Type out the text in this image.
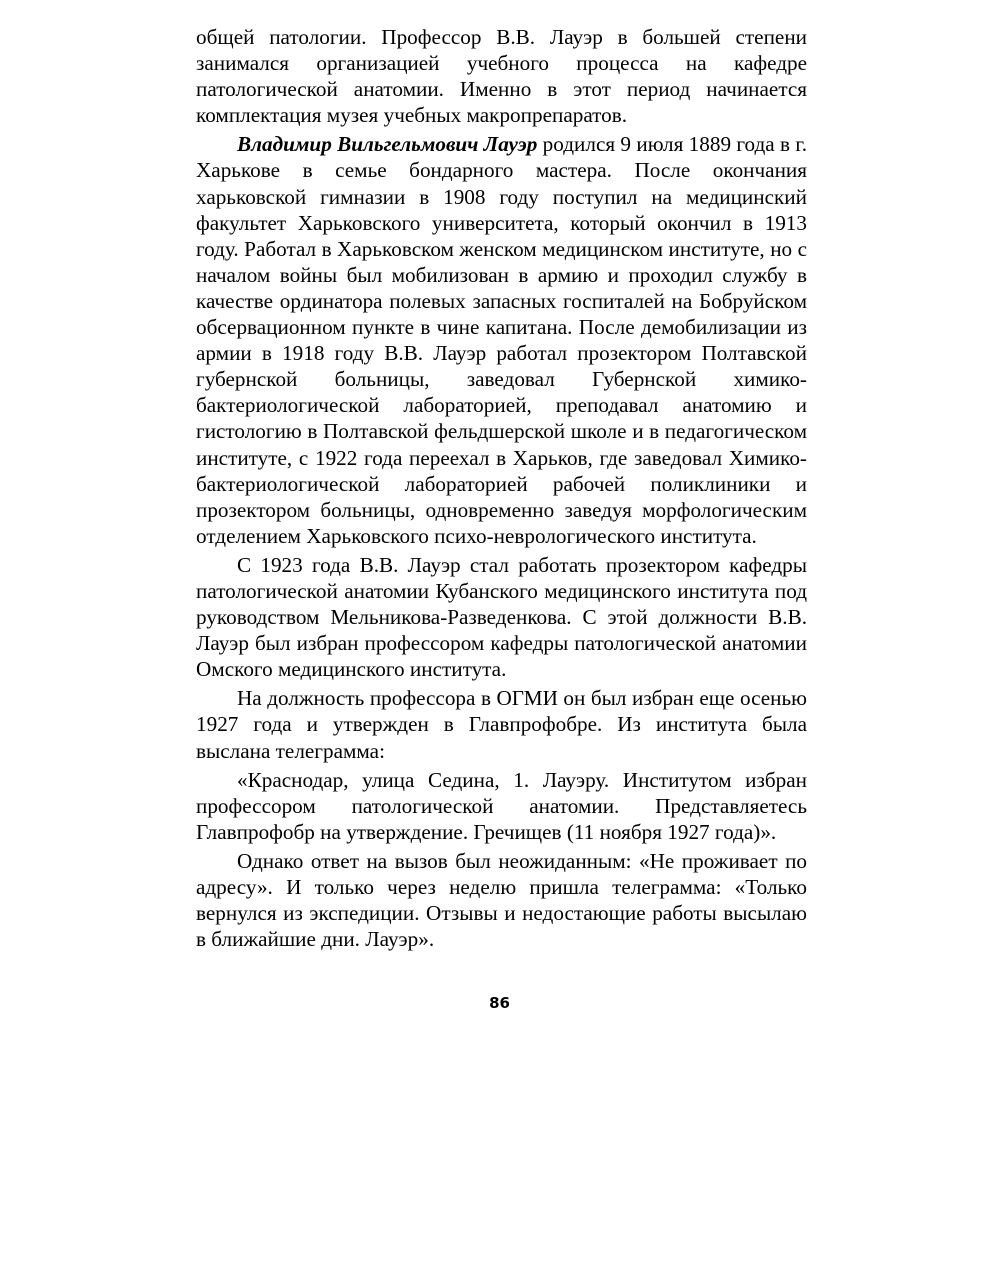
общей патологии. Профессор В.В. Лауэр в большей степени занимался организацией учебного процесса на кафедре патологической анатомии. Именно в этот период начинается комплектация музея учебных макропрепаратов.

Владимир Вильгельмович Лауэр родился 9 июля 1889 года в г. Харькове в семье бондарного мастера. После окончания харьковской гимназии в 1908 году поступил на медицинский факультет Харьковского университета, который окончил в 1913 году. Работал в Харьковском женском медицинском институте, но с началом войны был мобилизован в армию и проходил службу в качестве ординатора полевых запасных госпиталей на Бобруйском обсервационном пункте в чине капитана. После демобилизации из армии в 1918 году В.В. Лауэр работал прозектором Полтавской губернской больницы, заведовал Губернской химико-бактериологической лабораторией, преподавал анатомию и гистологию в Полтавской фельдшерской школе и в педагогическом институте, с 1922 года переехал в Харьков, где заведовал Химико-бактериологической лабораторией рабочей поликлиники и прозектором больницы, одновременно заведуя морфологическим отделением Харьковского психо-неврологического института.

С 1923 года В.В. Лауэр стал работать прозектором кафедры патологической анатомии Кубанского медицинского института под руководством Мельникова-Разведенкова. С этой должности В.В. Лауэр был избран профессором кафедры патологической анатомии Омского медицинского института.

На должность профессора в ОГМИ он был избран еще осенью 1927 года и утвержден в Главпрофобре. Из института была выслана телеграмма:

«Краснодар, улица Седина, 1. Лауэру. Институтом избран профессором патологической анатомии. Представляетесь Главпрофобр на утверждение. Гречищев (11 ноября 1927 года)».

Однако ответ на вызов был неожиданным: «Не проживает по адресу». И только через неделю пришла телеграмма: «Только вернулся из экспедиции. Отзывы и недостающие работы высылаю в ближайшие дни. Лауэр».

86
